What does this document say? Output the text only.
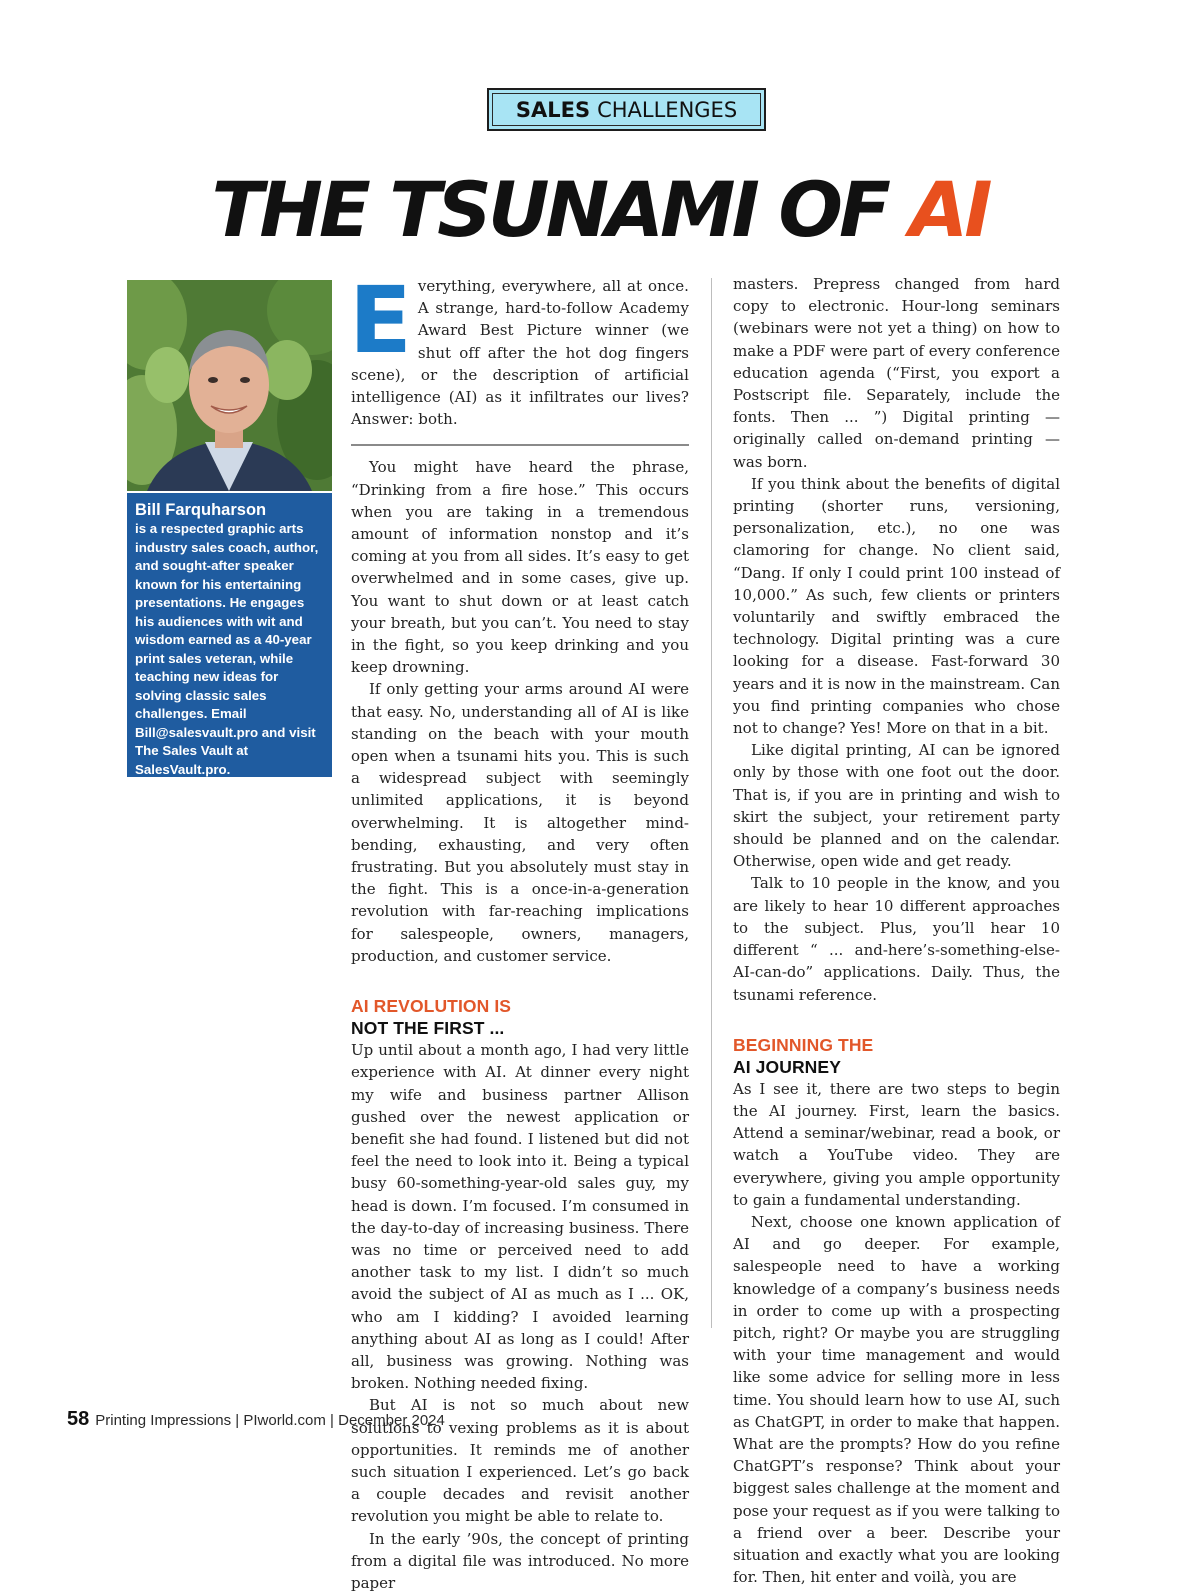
SALES CHALLENGES
THE TSUNAMI OF AI
Bill Farquharson
is a respected graphic arts industry sales coach, author, and sought-after speaker known for his entertaining presentations. He engages his audiences with wit and wisdom earned as a 40-year print sales veteran, while teaching new ideas for solving classic sales challenges. Email Bill@salesvault.pro and visit The Sales Vault at SalesVault.pro.
E verything, everywhere, all at once. A strange, hard-to-follow Academy Award Best Picture winner (we shut off after the hot dog fingers scene), or the description of artificial intelligence (AI) as it infiltrates our lives? Answer: both.

You might have heard the phrase, “Drinking from a fire hose.” This occurs when you are taking in a tremendous amount of information nonstop and it’s coming at you from all sides. It’s easy to get overwhelmed and in some cases, give up. You want to shut down or at least catch your breath, but you can’t. You need to stay in the fight, so you keep drinking and you keep drowning.

If only getting your arms around AI were that easy. No, understanding all of AI is like standing on the beach with your mouth open when a tsunami hits you. This is such a widespread subject with seemingly unlimited applications, it is beyond overwhelming. It is altogether mind-bending, exhausting, and very often frustrating. But you absolutely must stay in the fight. This is a once-in-a-generation revolution with far-reaching implications for salespeople, owners, managers, production, and customer service.

AI REVOLUTION IS
NOT THE FIRST ...

Up until about a month ago, I had very little experience with AI. At dinner every night my wife and business partner Allison gushed over the newest application or benefit she had found. I listened but did not feel the need to look into it. Being a typical busy 60-something-year-old sales guy, my head is down. I’m focused. I’m consumed in the day-to-day of increasing business. There was no time or perceived need to add another task to my list. I didn’t so much avoid the subject of AI as much as I ... OK, who am I kidding? I avoided learning anything about AI as long as I could! After all, business was growing. Nothing was broken. Nothing needed fixing.

But AI is not so much about new solutions to vexing problems as it is about opportunities. It reminds me of another such situation I experienced. Let’s go back a couple decades and revisit another revolution you might be able to relate to.

In the early ’90s, the concept of printing from a digital file was introduced. No more paper

masters. Prepress changed from hard copy to electronic. Hour-long seminars (webinars were not yet a thing) on how to make a PDF were part of every conference education agenda (“First, you export a Postscript file. Separately, include the fonts. Then ... ”) Digital printing — originally called on-demand printing — was born.

If you think about the benefits of digital printing (shorter runs, versioning, personalization, etc.), no one was clamoring for change. No client said, “Dang. If only I could print 100 instead of 10,000.” As such, few clients or printers voluntarily and swiftly embraced the technology. Digital printing was a cure looking for a disease. Fast-forward 30 years and it is now in the mainstream. Can you find printing companies who chose not to change? Yes! More on that in a bit.

Like digital printing, AI can be ignored only by those with one foot out the door. That is, if you are in printing and wish to skirt the subject, your retirement party should be planned and on the calendar. Otherwise, open wide and get ready.

Talk to 10 people in the know, and you are likely to hear 10 different approaches to the subject. Plus, you’ll hear 10 different “ ... and-here’s-something-else-AI-can-do” applications. Daily. Thus, the tsunami reference.

BEGINNING THE
AI JOURNEY

As I see it, there are two steps to begin the AI journey. First, learn the basics. Attend a seminar/webinar, read a book, or watch a YouTube video. They are everywhere, giving you ample opportunity to gain a fundamental understanding.

Next, choose one known application of AI and go deeper. For example, salespeople need to have a working knowledge of a company’s business needs in order to come up with a prospecting pitch, right? Or maybe you are struggling with your time management and would like some advice for selling more in less time. You should learn how to use AI, such as ChatGPT, in order to make that happen. What are the prompts? How do you refine ChatGPT’s response? Think about your biggest sales challenge at the moment and pose your request as if you were talking to a friend over a beer. Describe your situation and exactly what you are looking for. Then, hit enter and voilà, you are

58 Printing Impressions | PIworld.com | December 2024
